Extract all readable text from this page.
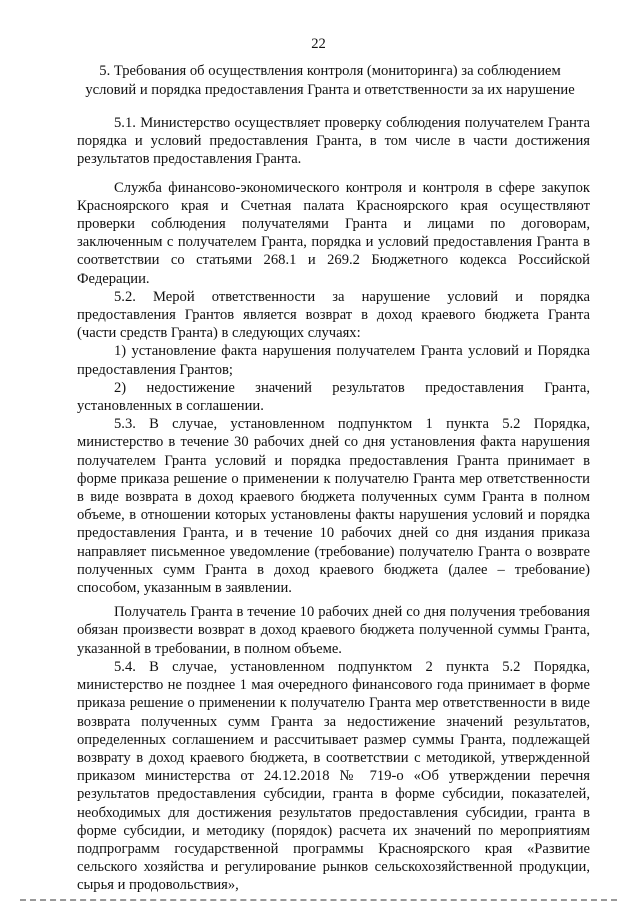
22
5. Требования об осуществления контроля (мониторинга) за соблюдением
условий и порядка предоставления Гранта и ответственности за их нарушение

5.1. Министерство осуществляет проверку соблюдения получателем Гранта порядка и условий предоставления Гранта, в том числе в части достижения результатов предоставления Гранта.

Служба финансово-экономического контроля и контроля в сфере закупок Красноярского края и Счетная палата Красноярского края осуществляют проверки соблюдения получателями Гранта и лицами по договорам, заключенным с получателем Гранта, порядка и условий предоставления Гранта в соответствии со статьями 268.1 и 269.2 Бюджетного кодекса Российской Федерации.

5.2. Мерой ответственности за нарушение условий и порядка предоставления Грантов является возврат в доход краевого бюджета Гранта (части средств Гранта) в следующих случаях:

1) установление факта нарушения получателем Гранта условий и Порядка предоставления Грантов;

2) недостижение значений результатов предоставления Гранта, установленных в соглашении.

5.3. В случае, установленном подпунктом 1 пункта 5.2 Порядка, министерство в течение 30 рабочих дней со дня установления факта нарушения получателем Гранта условий и порядка предоставления Гранта принимает в форме приказа решение о применении к получателю Гранта мер ответственности в виде возврата в доход краевого бюджета полученных сумм Гранта в полном объеме, в отношении которых установлены факты нарушения условий и порядка предоставления Гранта, и в течение 10 рабочих дней со дня издания приказа направляет письменное уведомление (требование) получателю Гранта о возврате полученных сумм Гранта в доход краевого бюджета (далее – требование) способом, указанным в заявлении.

Получатель Гранта в течение 10 рабочих дней со дня получения требования обязан произвести возврат в доход краевого бюджета полученной суммы Гранта, указанной в требовании, в полном объеме.

5.4. В случае, установленном подпунктом 2 пункта 5.2 Порядка, министерство не позднее 1 мая очередного финансового года принимает в форме приказа решение о применении к получателю Гранта мер ответственности в виде возврата полученных сумм Гранта за недостижение значений результатов, определенных соглашением и рассчитывает размер суммы Гранта, подлежащей возврату в доход краевого бюджета, в соответствии с методикой, утвержденной приказом министерства от 24.12.2018 № 719-о «Об утверждении перечня результатов предоставления субсидии, гранта в форме субсидии, показателей, необходимых для достижения результатов предоставления субсидии, гранта в форме субсидии, и методику (порядок) расчета их значений по мероприятиям подпрограмм государственной программы Красноярского края «Развитие сельского хозяйства и регулирование рынков сельскохозяйственной продукции, сырья и продовольствия»,
